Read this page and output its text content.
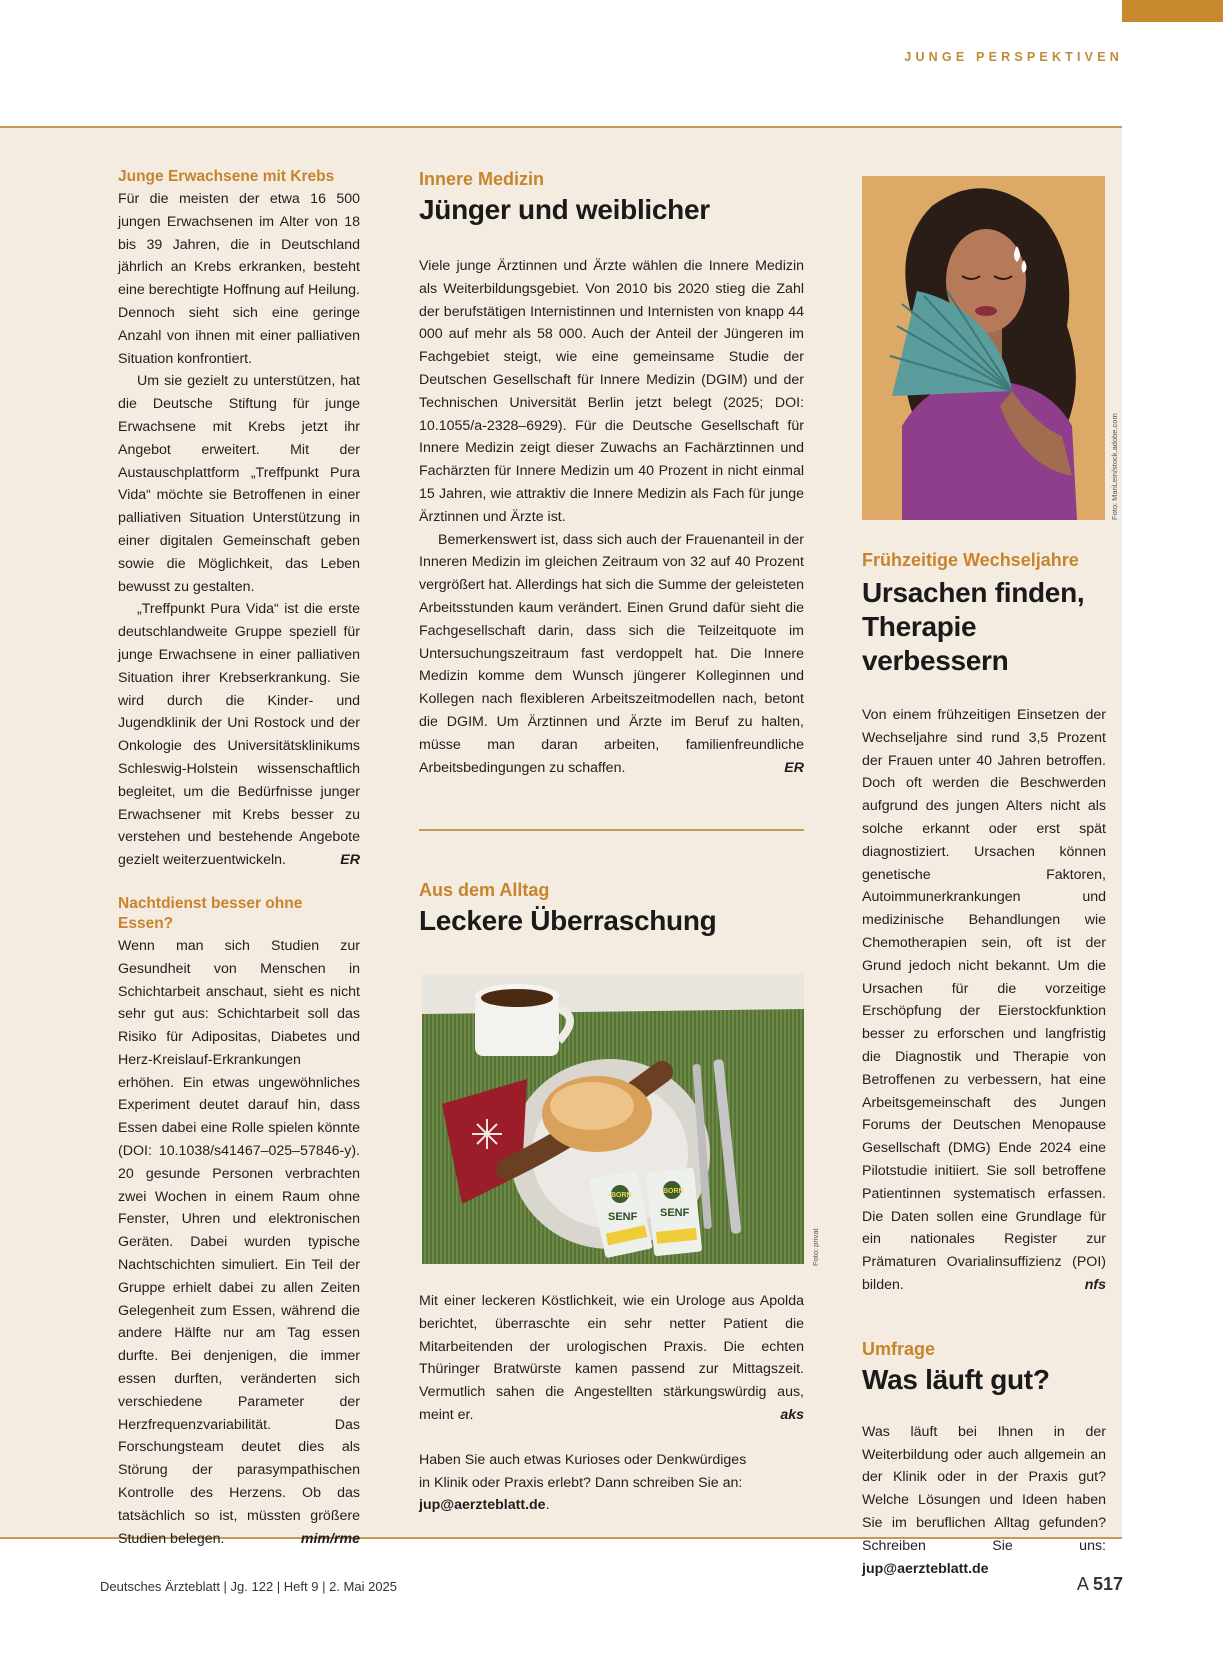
JUNGE PERSPEKTIVEN
Junge Erwachsene mit Krebs

Für die meisten der etwa 16 500 jungen Erwachsenen im Alter von 18 bis 39 Jahren, die in Deutschland jährlich an Krebs erkranken, besteht eine berechtigte Hoffnung auf Heilung. Dennoch sieht sich eine geringe Anzahl von ihnen mit einer palliativen Situation konfrontiert.

Um sie gezielt zu unterstützen, hat die Deutsche Stiftung für junge Erwachsene mit Krebs jetzt ihr Angebot erweitert. Mit der Austauschplattform „Treffpunkt Pura Vida“ möchte sie Betroffenen in einer palliativen Situation Unterstützung in einer digitalen Gemeinschaft geben sowie die Möglichkeit, das Leben bewusst zu gestalten.

„Treffpunkt Pura Vida“ ist die erste deutschlandweite Gruppe speziell für junge Erwachsene in einer palliativen Situation ihrer Krebserkrankung. Sie wird durch die Kinder- und Jugendklinik der Uni Rostock und der Onkologie des Universitätsklinikums Schleswig-Holstein wissenschaftlich begleitet, um die Bedürfnisse junger Erwachsener mit Krebs besser zu verstehen und bestehende Angebote gezielt weiterzuentwickeln.	ER

Nachtdienst besser ohne Essen?

Wenn man sich Studien zur Gesundheit von Menschen in Schichtarbeit anschaut, sieht es nicht sehr gut aus: Schichtarbeit soll das Risiko für Adipositas, Diabetes und Herz-Kreislauf-Erkrankungen erhöhen. Ein etwas ungewöhnliches Experiment deutet darauf hin, dass Essen dabei eine Rolle spielen könnte (DOI: 10.1038/s41467–025–57846-y). 20 gesunde Personen verbrachten zwei Wochen in einem Raum ohne Fenster, Uhren und elektronischen Geräten. Dabei wurden typische Nachtschichten simuliert. Ein Teil der Gruppe erhielt dabei zu allen Zeiten Gelegenheit zum Essen, während die andere Hälfte nur am Tag essen durfte. Bei denjenigen, die immer essen durften, veränderten sich verschiedene Parameter der Herzfrequenzvariabilität. Das Forschungsteam deutet dies als Störung der parasympathischen Kontrolle des Herzens. Ob das tatsächlich so ist, müssten größere Studien belegen.	mim/rme

Innere Medizin
Jünger und weiblicher

Viele junge Ärztinnen und Ärzte wählen die Innere Medizin als Weiterbildungsgebiet. Von 2010 bis 2020 stieg die Zahl der berufstätigen Internistinnen und Internisten von knapp 44 000 auf mehr als 58 000. Auch der Anteil der Jüngeren im Fachgebiet steigt, wie eine gemeinsame Studie der Deutschen Gesellschaft für Innere Medizin (DGIM) und der Technischen Universität Berlin jetzt belegt (2025; DOI: 10.1055/a-2328–6929). Für die Deutsche Gesellschaft für Innere Medizin zeigt dieser Zuwachs an Fachärztinnen und Fachärzten für Innere Medizin um 40 Prozent in nicht einmal 15 Jahren, wie attraktiv die Innere Medizin als Fach für junge Ärztinnen und Ärzte ist.

Bemerkenswert ist, dass sich auch der Frauenanteil in der Inneren Medizin im gleichen Zeitraum von 32 auf 40 Prozent vergrößert hat. Allerdings hat sich die Summe der geleisteten Arbeitsstunden kaum verändert. Einen Grund dafür sieht die Fachgesellschaft darin, dass sich die Teilzeitquote im Untersuchungszeitraum fast verdoppelt hat. Die Innere Medizin komme dem Wunsch jüngerer Kolleginnen und Kollegen nach flexibleren Arbeitszeitmodellen nach, betont die DGIM. Um Ärztinnen und Ärzte im Beruf zu halten, müsse man daran arbeiten, familienfreundliche Arbeitsbedingungen zu schaffen.	ER

Aus dem Alltag
Leckere Überraschung
BORN
BORN
SENF SENF
Foto: privat

Mit einer leckeren Köstlichkeit, wie ein Urologe aus Apolda berichtet, überraschte ein sehr netter Patient die Mitarbeitenden der urologischen Praxis. Die echten Thüringer Bratwürste kamen passend zur Mittagszeit. Vermutlich sahen die Angestellten stärkungswürdig aus, meint er.	aks

Haben Sie auch etwas Kurioses oder Denkwürdiges in Klinik oder Praxis erlebt? Dann schreiben Sie an:
jup@aerzteblatt.de.

Foto: MariLein/stock.adobe.com
Frühzeitige Wechseljahre
Ursachen finden,
Therapie verbessern

Von einem frühzeitigen Einsetzen der Wechseljahre sind rund 3,5 Prozent der Frauen unter 40 Jahren betroffen. Doch oft werden die Beschwerden aufgrund des jungen Alters nicht als solche erkannt oder erst spät diagnostiziert. Ursachen können genetische Faktoren, Autoimmunerkrankungen und medizinische Behandlungen wie Chemotherapien sein, oft ist der Grund jedoch nicht bekannt. Um die Ursachen für die vorzeitige Erschöpfung der Eierstockfunktion besser zu erforschen und langfristig die Diagnostik und Therapie von Betroffenen zu verbessern, hat eine Arbeitsgemeinschaft des Jungen Forums der Deutschen Menopause Gesellschaft (DMG) Ende 2024 eine Pilotstudie initiiert. Sie soll betroffene Patientinnen systematisch erfassen. Die Daten sollen eine Grundlage für ein nationales Register zur Prämaturen Ovarialinsuffizienz (POI) bilden.	nfs

Umfrage
Was läuft gut?

Was läuft bei Ihnen in der Weiterbildung oder auch allgemein an der Klinik oder in der Praxis gut? Welche Lösungen und Ideen haben Sie im beruflichen Alltag gefunden? Schreiben Sie uns: jup@aerzteblatt.de

Deutsches Ärzteblatt | Jg. 122 | Heft 9 | 2. Mai 2025	A 517
